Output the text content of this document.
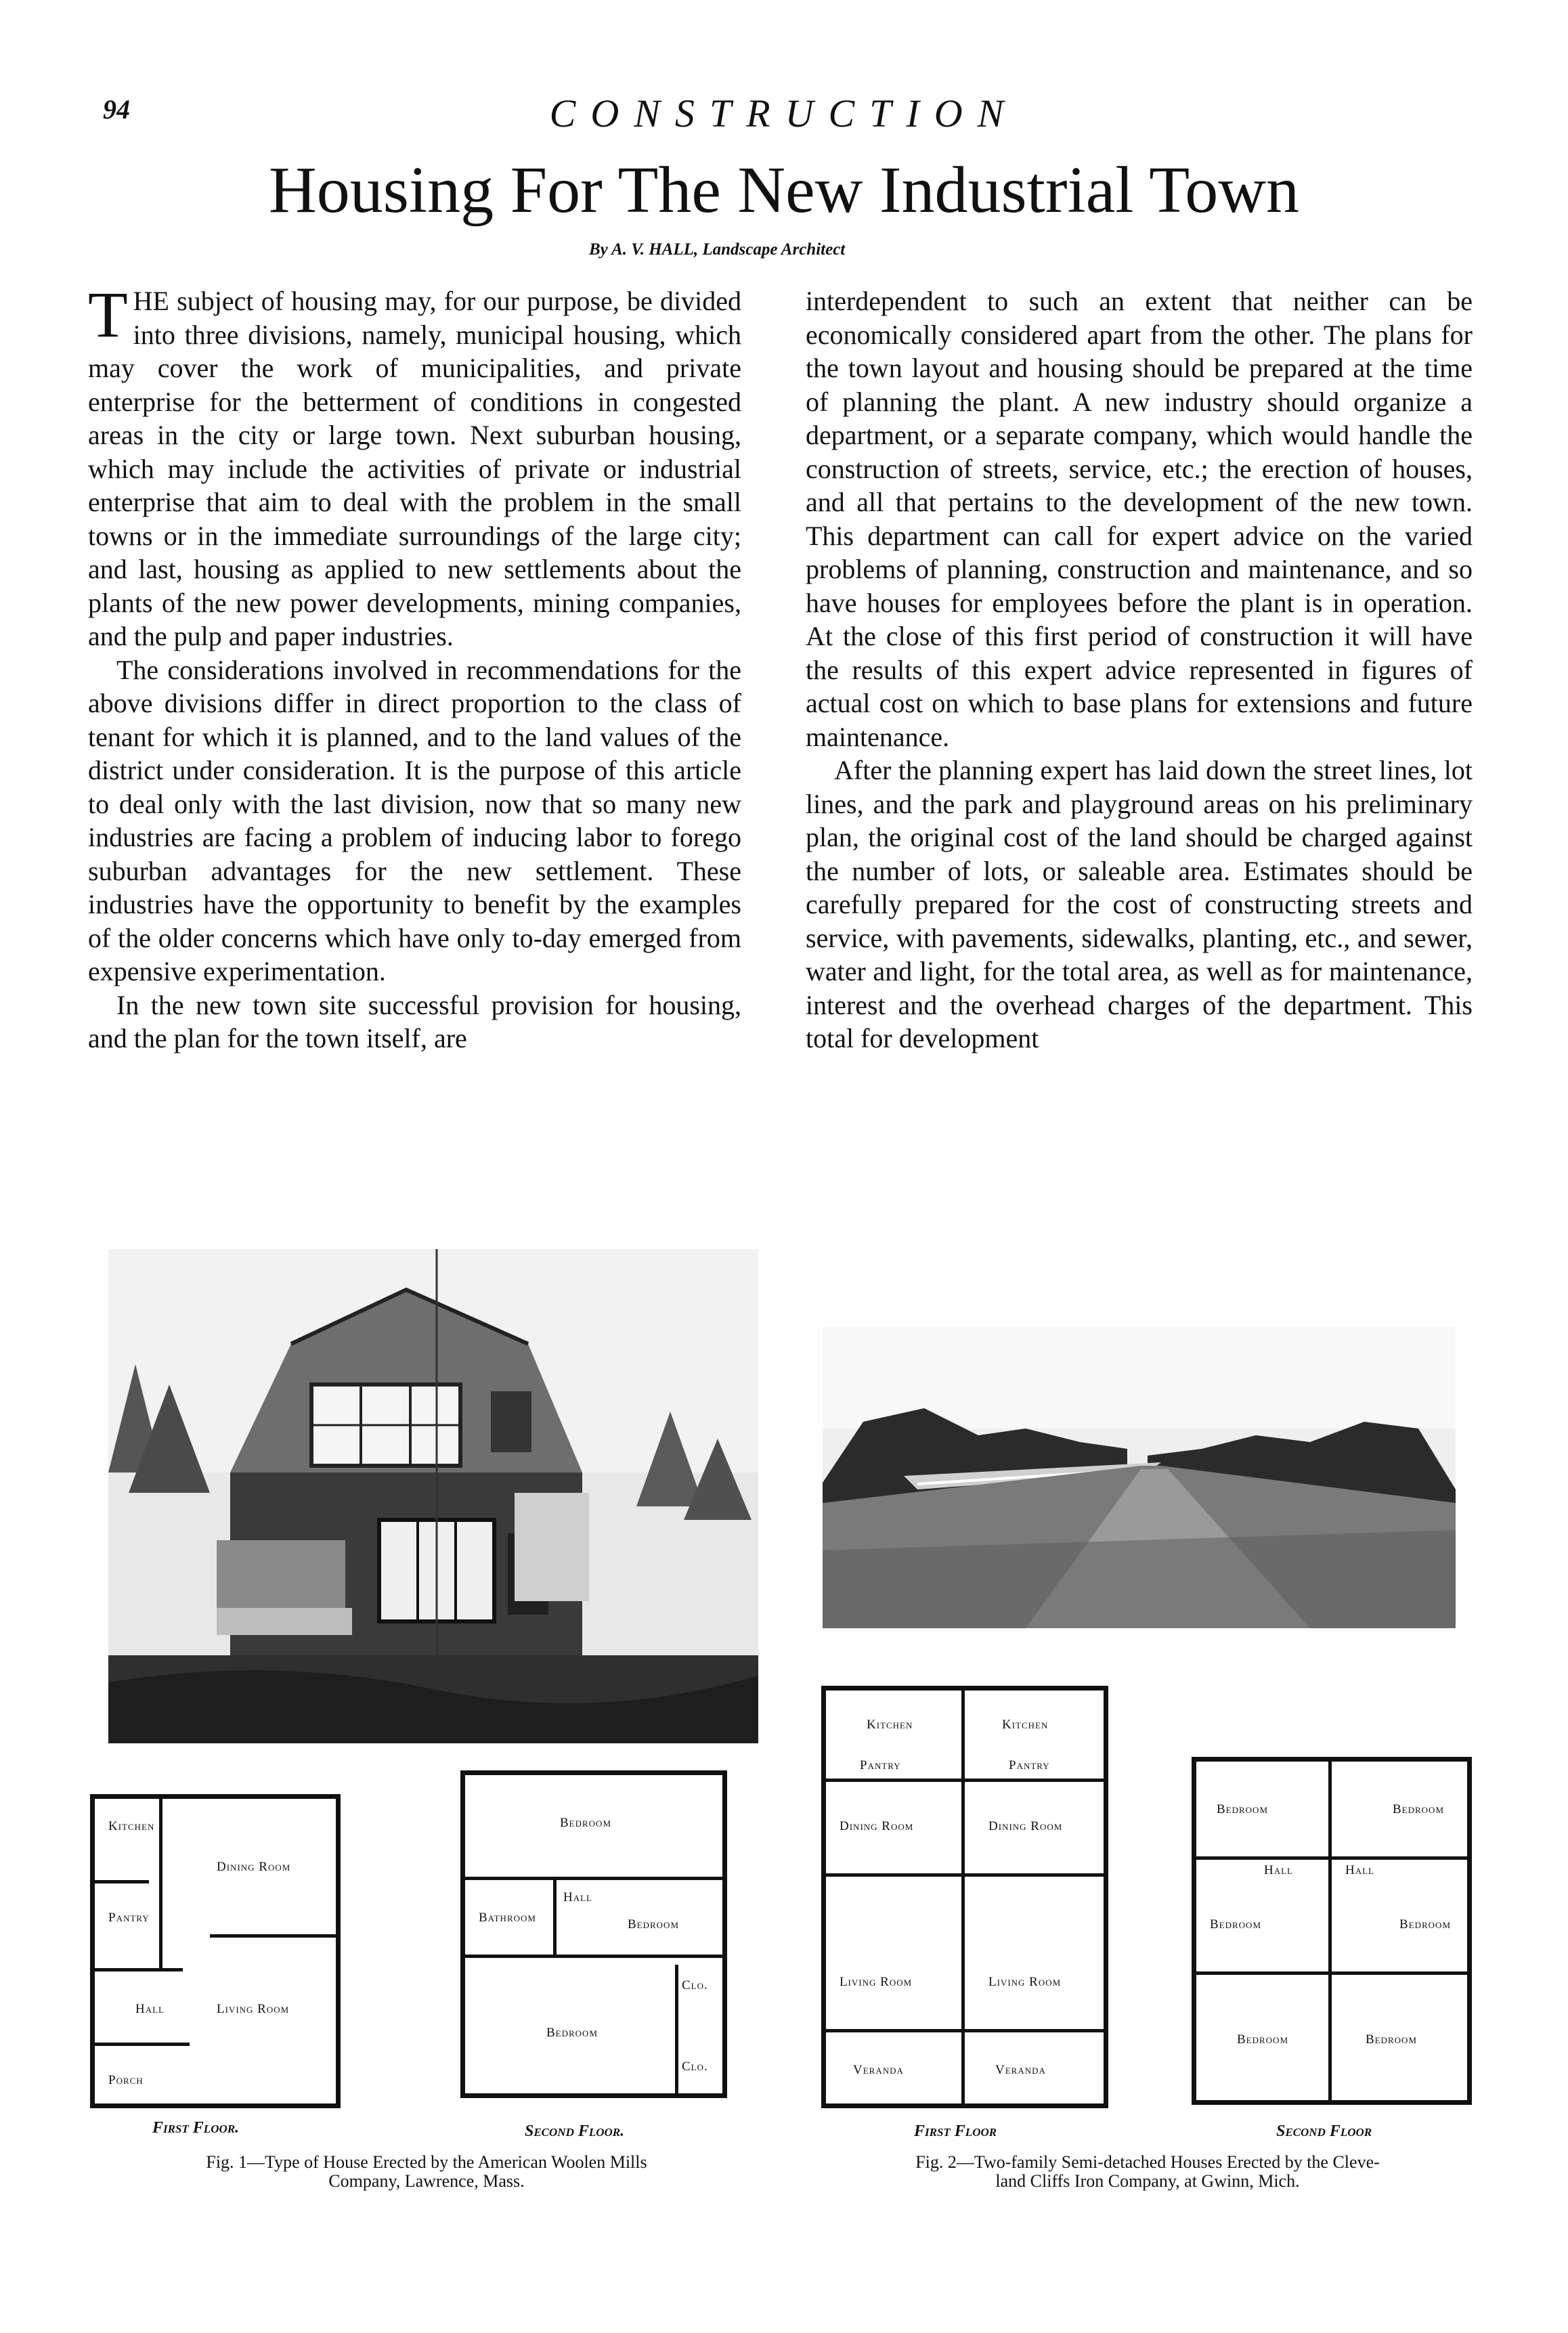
94	CONSTRUCTION
Housing For The New Industrial Town
By A. V. HALL, Landscape Architect

THE subject of housing may, for our purpose, be divided into three divisions, namely, municipal housing, which may cover the work of municipalities, and private enterprise for the betterment of conditions in congested areas in the city or large town. Next suburban housing, which may include the activities of private or industrial enterprise that aim to deal with the problem in the small towns or in the immediate surroundings of the large city; and last, housing as applied to new settlements about the plants of the new power developments, mining companies, and the pulp and paper industries.

The considerations involved in recommendations for the above divisions differ in direct proportion to the class of tenant for which it is planned, and to the land values of the district under consideration. It is the purpose of this article to deal only with the last division, now that so many new industries are facing a problem of inducing labor to forego suburban advantages for the new settlement. These industries have the opportunity to benefit by the examples of the older concerns which have only to-day emerged from expensive experimentation.

In the new town site successful provision for housing, and the plan for the town itself, are

interdependent to such an extent that neither can be economically considered apart from the other. The plans for the town layout and housing should be prepared at the time of planning the plant. A new industry should organize a department, or a separate company, which would handle the construction of streets, service, etc.; the erection of houses, and all that pertains to the development of the new town. This department can call for expert advice on the varied problems of planning, construction and maintenance, and so have houses for employees before the plant is in operation. At the close of this first period of construction it will have the results of this expert advice represented in figures of actual cost on which to base plans for extensions and future maintenance.

After the planning expert has laid down the street lines, lot lines, and the park and playground areas on his preliminary plan, the original cost of the land should be charged against the number of lots, or saleable area. Estimates should be carefully prepared for the cost of constructing streets and service, with pavements, sidewalks, planting, etc., and sewer, water and light, for the total area, as well as for maintenance, interest and the overhead charges of the department. This total for development

Kitchen
Dining Room
Pantry
Hall	Living Room
Porch
First Floor.
Bedroom
Bathroom
Hall
Bedroom
Bedroom
Clo.
Clo.
Second Floor.
Fig. 1—Type of House Erected by the American Woolen Mills
Company, Lawrence, Mass.
Kitchen	Kitchen
Pantry	Pantry
Dining Room	Dining Room
Living Room	Living Room
Veranda	Veranda
First Floor
Bedroom	Bedroom
Hall	Hall
Bedroom	Bedroom
Bedroom	Bedroom
Second Floor
Fig. 2—Two-family Semi-detached Houses Erected by the Cleve-
land Cliffs Iron Company, at Gwinn, Mich.
